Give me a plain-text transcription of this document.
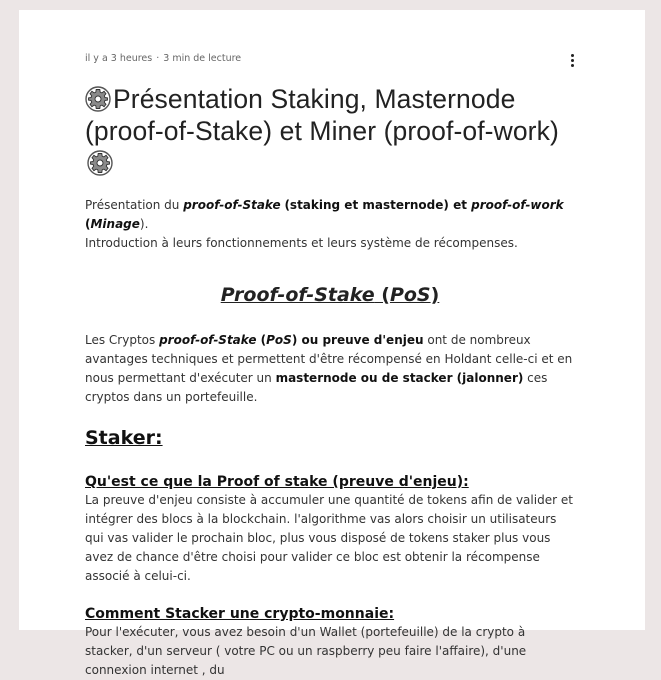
il y a 3 heures · 3 min de lecture
Présentation Staking, Masternode (proof-of-Stake) et Miner (proof-of-work)

Présentation du proof-of-Stake (staking et masternode) et proof-of-work (Minage).
Introduction à leurs fonctionnements et leurs système de récompenses.

Proof-of-Stake (PoS)

Les Cryptos proof-of-Stake (PoS) ou preuve d'enjeu ont de nombreux avantages techniques et permettent d'être récompensé en Holdant celle-ci et en nous permettant d'exécuter un masternode ou de stacker (jalonner) ces cryptos dans un portefeuille.

Staker:
Qu'est ce que la Proof of stake (preuve d'enjeu):

La preuve d'enjeu consiste à accumuler une quantité de tokens afin de valider et intégrer des blocs à la blockchain. l'algorithme vas alors choisir un utilisateurs qui vas valider le prochain bloc, plus vous disposé de tokens staker plus vous avez de chance d'être choisi pour valider ce bloc est obtenir la récompense associé à celui-ci.

Comment Stacker une crypto-monnaie:

Pour l'exécuter, vous avez besoin d'un Wallet (portefeuille) de la crypto à stacker, d'un serveur ( votre PC ou un raspberry peu faire l'affaire), d'une connexion internet , du
